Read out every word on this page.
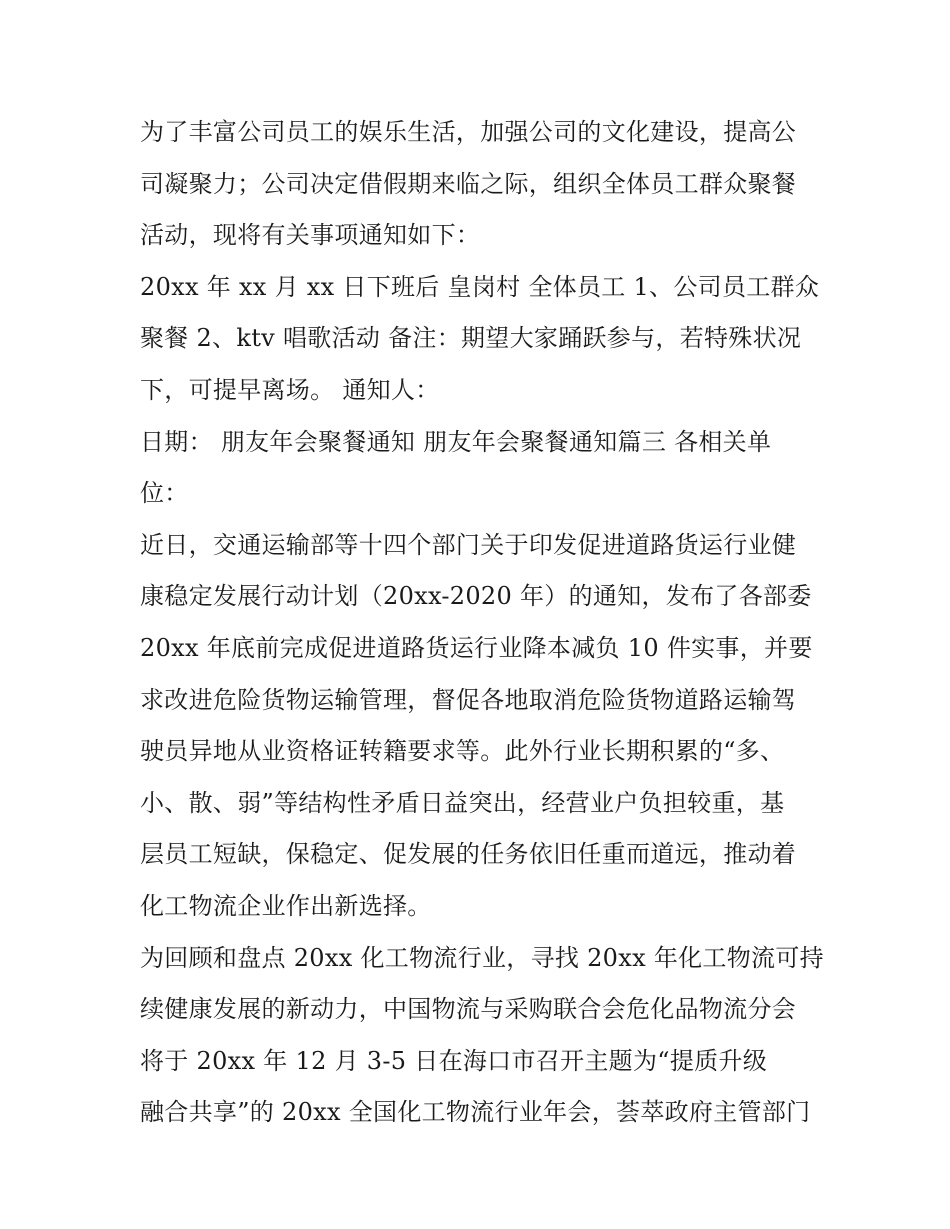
为了丰富公司员工的娱乐生活，加强公司的文化建设，提高公
司凝聚力；公司决定借假期来临之际，组织全体员工群众聚餐
活动，现将有关事项通知如下：
20xx 年 xx 月 xx 日下班后 皇岗村 全体员工 1、公司员工群众
聚餐 2、ktv 唱歌活动 备注：期望大家踊跃参与，若特殊状况
下，可提早离场。 通知人：
日期： 朋友年会聚餐通知 朋友年会聚餐通知篇三 各相关单
位：
近日，交通运输部等十四个部门关于印发促进道路货运行业健
康稳定发展行动计划（20xx-2020 年）的通知，发布了各部委
20xx 年底前完成促进道路货运行业降本减负 10 件实事，并要
求改进危险货物运输管理，督促各地取消危险货物道路运输驾
驶员异地从业资格证转籍要求等。此外行业长期积累的“多、
小、散、弱”等结构性矛盾日益突出，经营业户负担较重，基
层员工短缺，保稳定、促发展的任务依旧任重而道远，推动着
化工物流企业作出新选择。
为回顾和盘点 20xx 化工物流行业，寻找 20xx 年化工物流可持
续健康发展的新动力，中国物流与采购联合会危化品物流分会
将于 20xx 年 12 月 3-5 日在海口市召开主题为“提质升级
融合共享”的 20xx 全国化工物流行业年会，荟萃政府主管部门
